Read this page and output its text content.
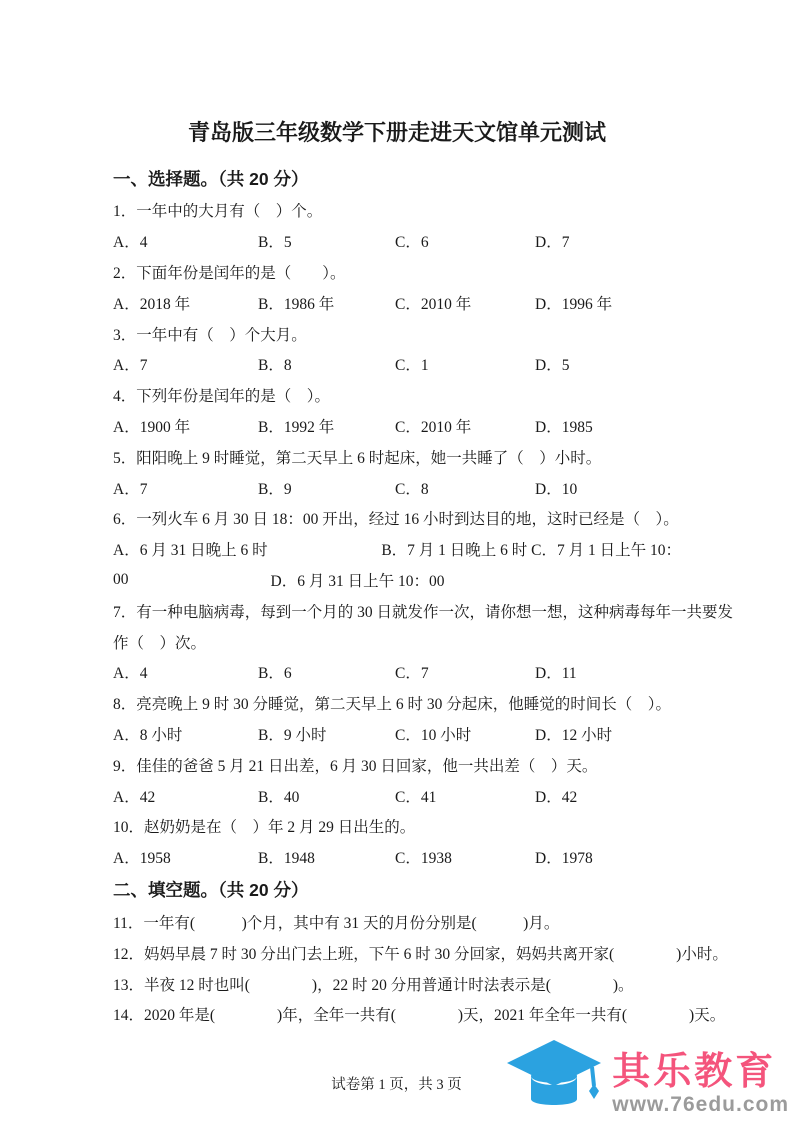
青岛版三年级数学下册走进天文馆单元测试
一、选择题。（共 20 分）

1．一年中的大月有（　）个。

A．4	B．5	C．6	D．7

2．下面年份是闰年的是（　　）。

A．2018 年	B．1986 年	C．2010 年	D．1996 年

3．一年中有（　）个大月。

A．7	B．8	C．1	D．5

4．下列年份是闰年的是（　）。

A．1900 年	B．1992 年	C．2010 年	D．1985

5．阳阳晚上 9 时睡觉，第二天早上 6 时起床，她一共睡了（　）小时。

A．7	B．9	C．8	D．10

6．一列火车 6 月 30 日 18：00 开出，经过 16 小时到达目的地，这时已经是（　）。

A．6 月 31 日晚上 6 时	B．7 月 1 日晚上 6 时 C．7 月 1 日上午 10：
00	D．6 月 31 日上午 10：00

7．有一种电脑病毒，每到一个月的 30 日就发作一次，请你想一想，这种病毒每年一共要发

作（　）次。

A．4	B．6	C．7	D．11

8．亮亮晚上 9 时 30 分睡觉，第二天早上 6 时 30 分起床，他睡觉的时间长（　）。

A．8 小时	B．9 小时	C．10 小时	D．12 小时

9．佳佳的爸爸 5 月 21 日出差，6 月 30 日回家，他一共出差（　）天。

A．42	B．40	C．41	D．42

10．赵奶奶是在（　）年 2 月 29 日出生的。

A．1958	B．1948	C．1938	D．1978
二、填空题。（共 20 分）

11．一年有(　　　)个月，其中有 31 天的月份分别是(　　　)月。

12．妈妈早晨 7 时 30 分出门去上班，下午 6 时 30 分回家，妈妈共离开家(　　　　)小时。

13．半夜 12 时也叫(　　　　)，22 时 20 分用普通计时法表示是(　　　　)。

14．2020 年是(　　　　)年，全年一共有(　　　　)天，2021 年全年一共有(　　　　)天。

试卷第 1 页，共 3 页	其乐教育
www.76edu.com
